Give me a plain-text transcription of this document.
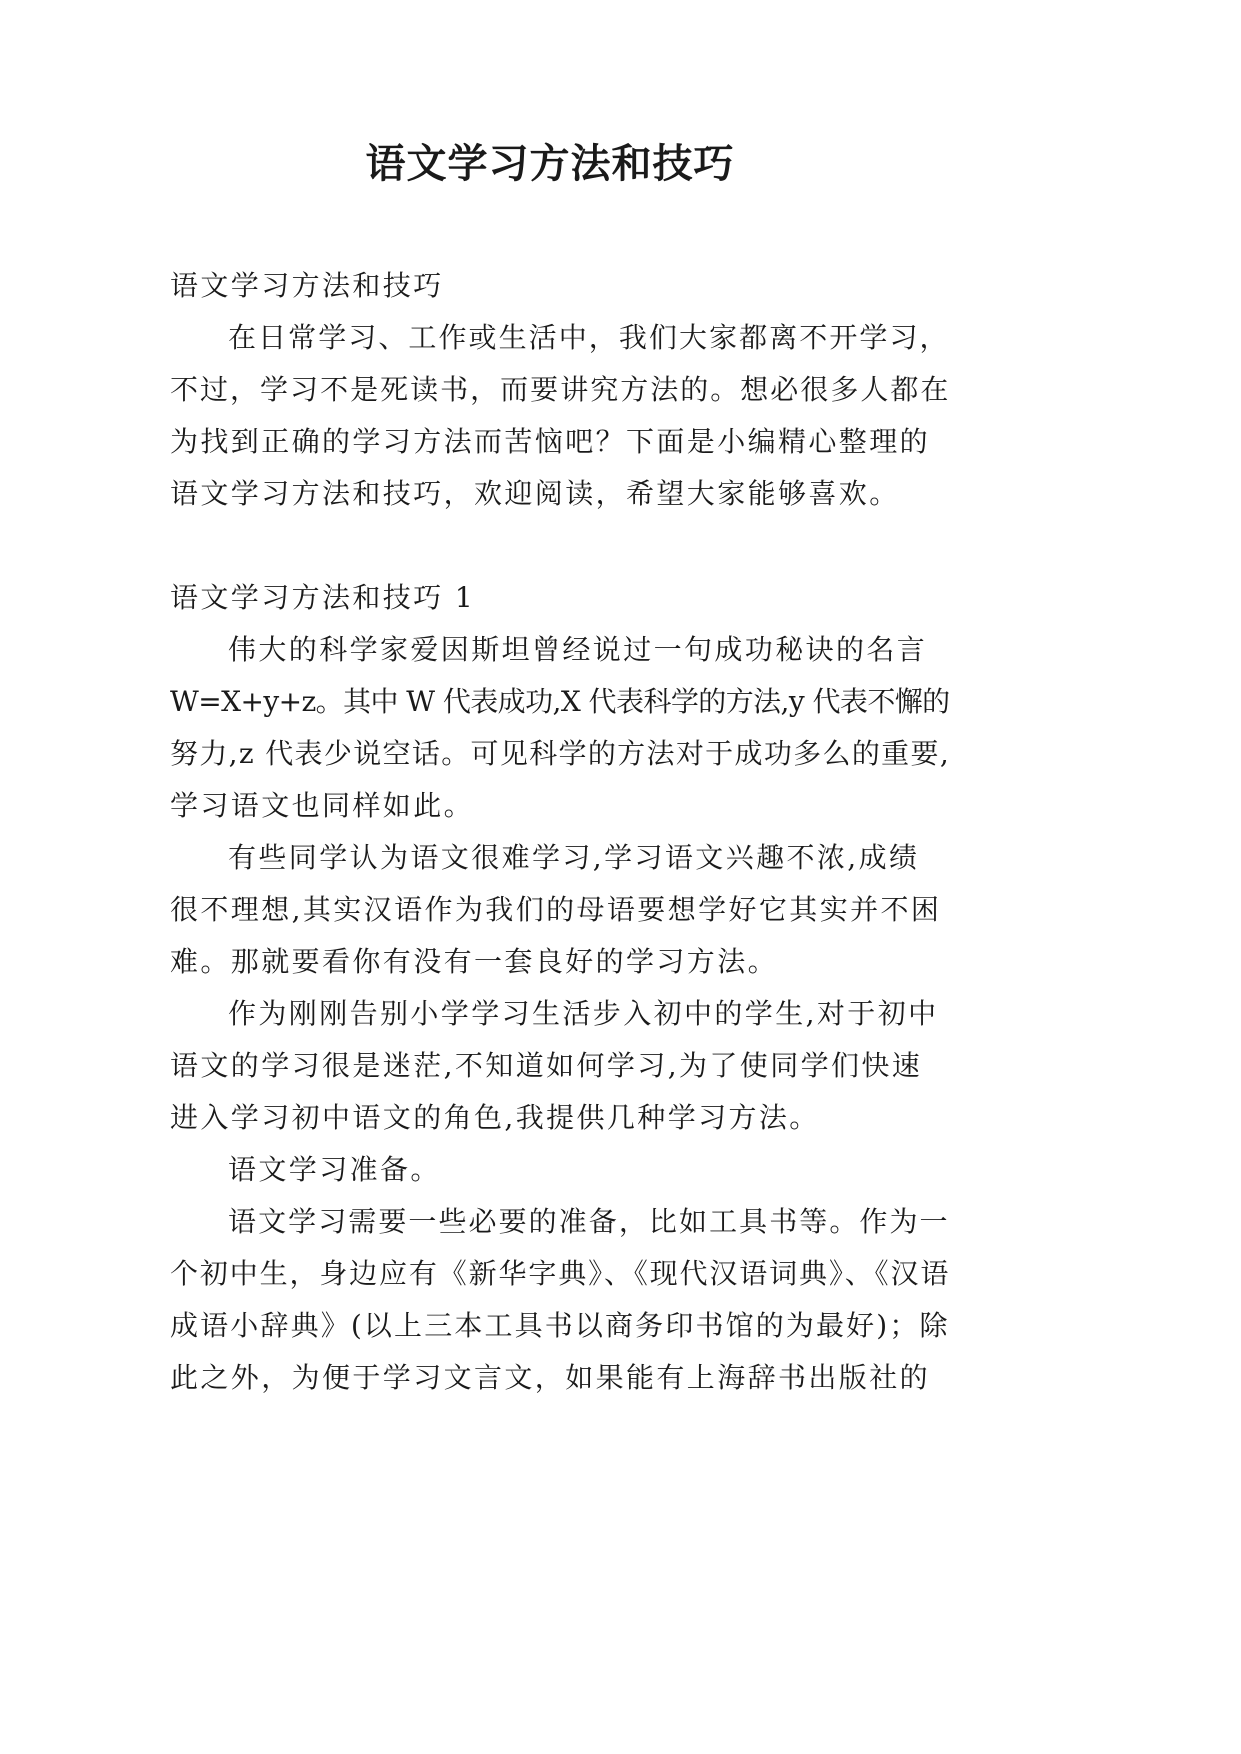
语文学习方法和技巧
语文学习方法和技巧
在日常学习、工作或生活中，我们大家都离不开学习，
不过，学习不是死读书，而要讲究方法的。想必很多人都在
为找到正确的学习方法而苦恼吧？下面是小编精心整理的
语文学习方法和技巧，欢迎阅读，希望大家能够喜欢。
语文学习方法和技巧 1
伟大的科学家爱因斯坦曾经说过一句成功秘诀的名言
W=X+y+z。其中 W 代表成功,X 代表科学的方法,y 代表不懈的
努力,z 代表少说空话。可见科学的方法对于成功多么的重要,
学习语文也同样如此。
有些同学认为语文很难学习,学习语文兴趣不浓,成绩
很不理想,其实汉语作为我们的母语要想学好它其实并不困
难。那就要看你有没有一套良好的学习方法。
作为刚刚告别小学学习生活步入初中的学生,对于初中
语文的学习很是迷茫,不知道如何学习,为了使同学们快速
进入学习初中语文的角色,我提供几种学习方法。
语文学习准备。
语文学习需要一些必要的准备，比如工具书等。作为一
个初中生，身边应有《新华字典》、《现代汉语词典》、《汉语
成语小辞典》(以上三本工具书以商务印书馆的为最好)；除
此之外，为便于学习文言文，如果能有上海辞书出版社的
